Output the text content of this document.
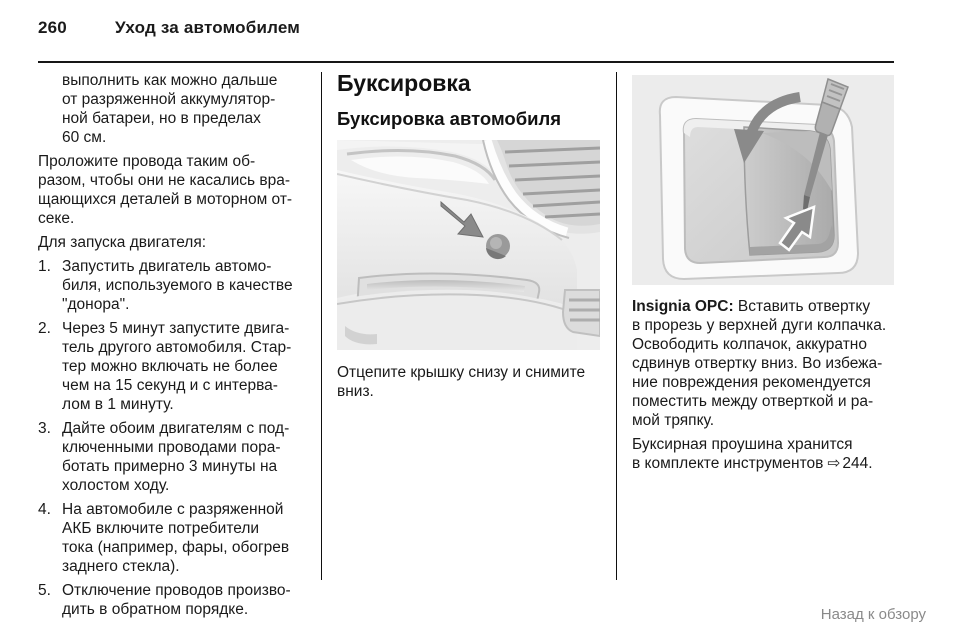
260	Уход за автомобилем
выполнить как можно дальше
от разряженной аккумулятор-
ной батареи, но в пределах
60 см.
Проложите провода таким об-
разом, чтобы они не касались вра-
щающихся деталей в моторном от-
секе.
Для запуска двигателя:
1. Запустить двигатель автомо-
биля, используемого в качестве
"донора".
2. Через 5 минут запустите двига-
тель другого автомобиля. Стар-
тер можно включать не более
чем на 15 секунд и с интерва-
лом в 1 минуту.
3. Дайте обоим двигателям с под-
ключенными проводами пора-
ботать примерно 3 минуты на
холостом ходу.
4. На автомобиле с разряженной
АКБ включите потребители
тока (например, фары, обогрев
заднего стекла).
5. Отключение проводов произво-
дить в обратном порядке.
Буксировка
Буксировка автомобиля
Отцепите крышку снизу и снимите
вниз.
Insignia OPC: Вставить отвертку
в прорезь у верхней дуги колпачка.
Освободить колпачок, аккуратно
сдвинув отвертку вниз. Во избежа-
ние повреждения рекомендуется
поместить между отверткой и ра-
мой тряпку.
Буксирная проушина хранится
в комплекте инструментов ⇨ 244.
Назад к обзору
